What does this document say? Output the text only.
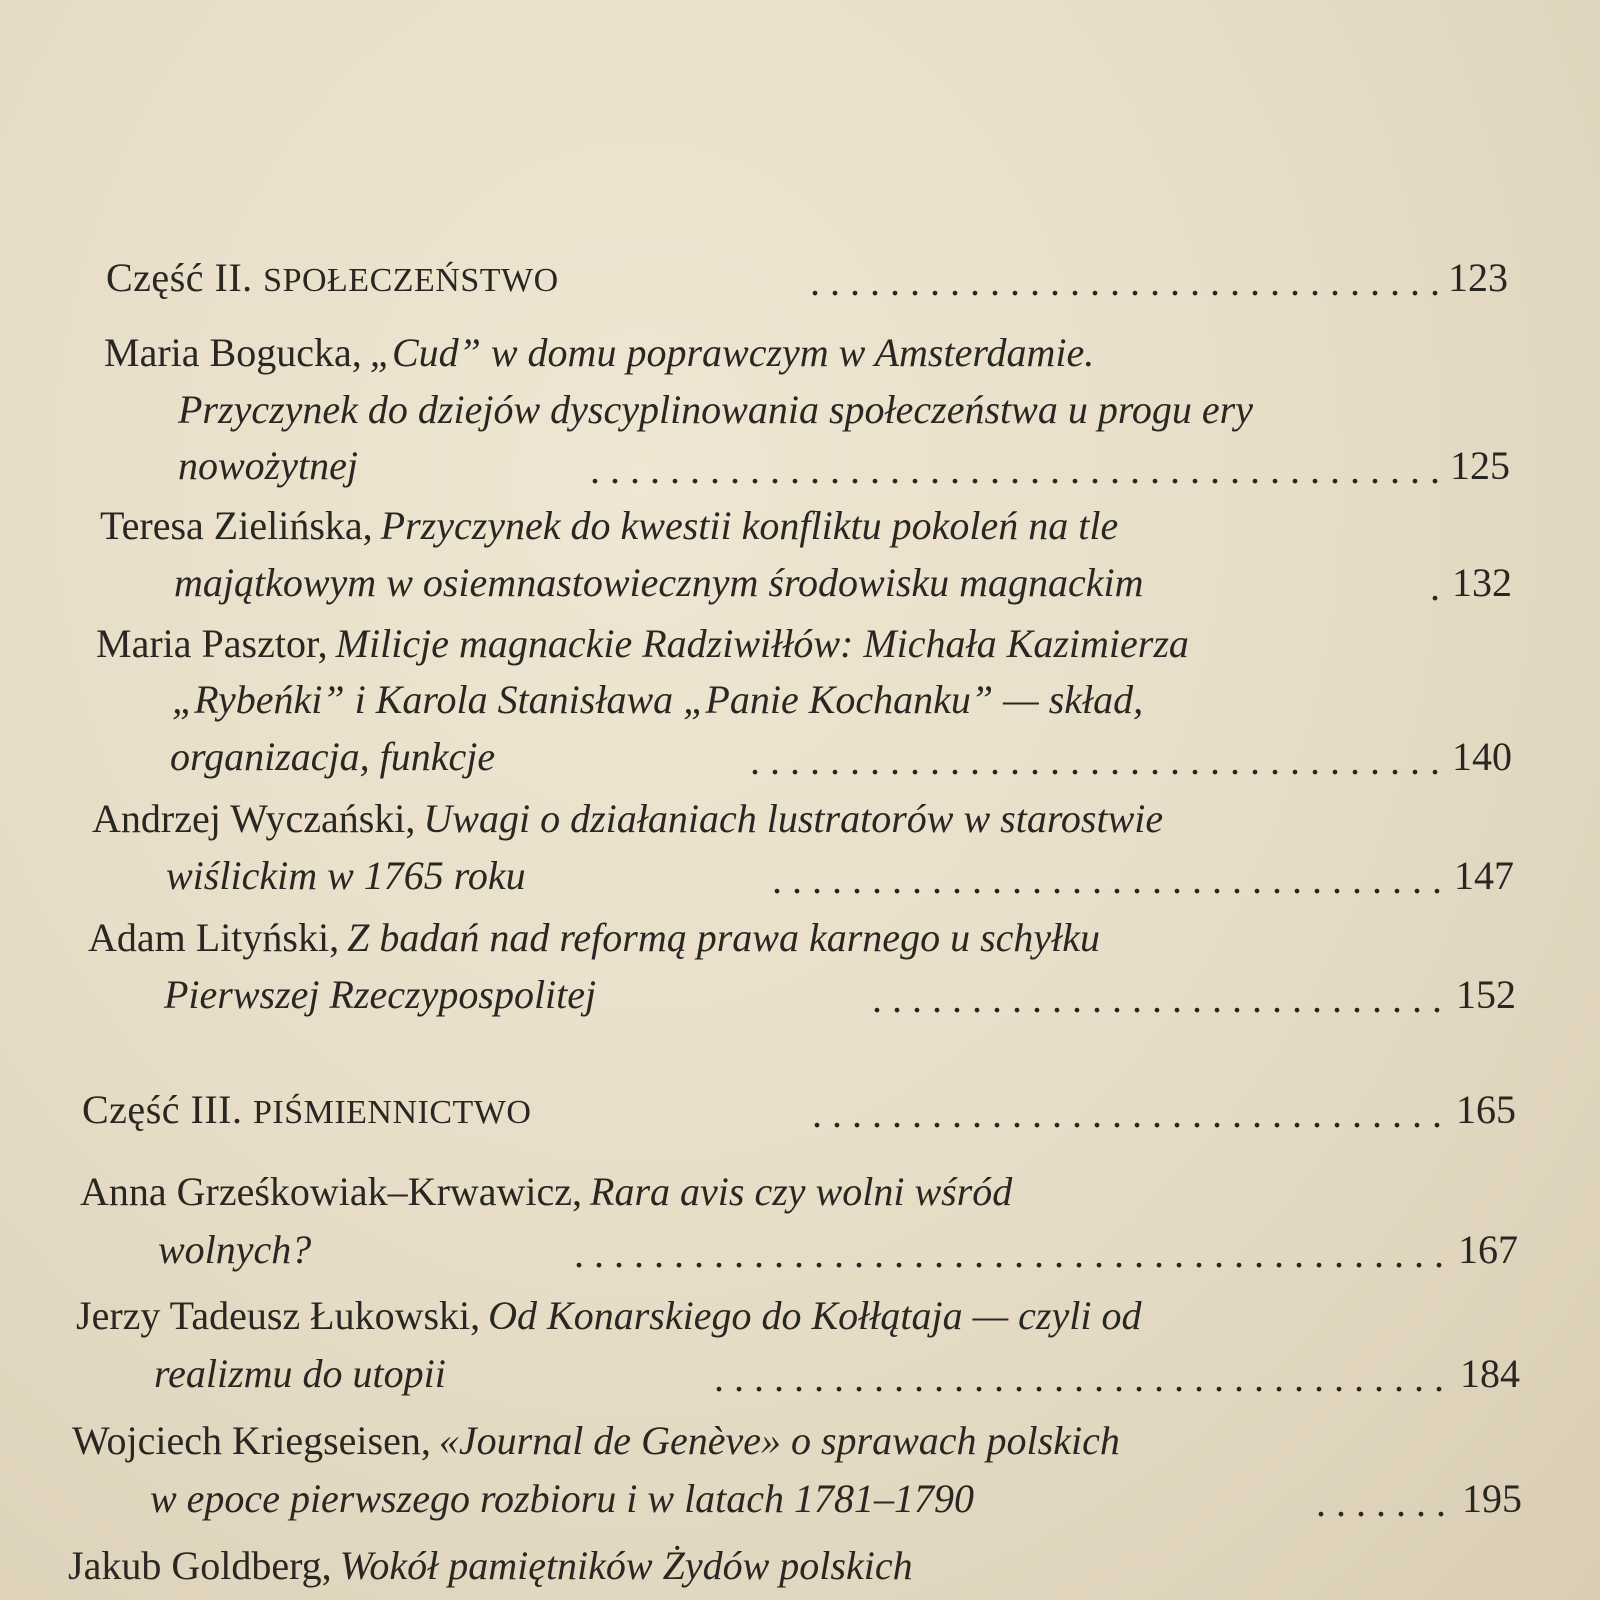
Część II. SPOŁECZEŃSTWO	. . . . . . . . . . . . . . . . . . . . . . . . . . . . . . . . 123
Maria Bogucka, „Cud” w domu poprawczym w Amsterdamie.
Przyczynek do dziejów dyscyplinowania społeczeństwa u progu ery
nowożytnej	. . . . . . . . . . . . . . . . . . . . . . . . . . . . . . . . . . . . . . . . . . . 125
Teresa Zielińska, Przyczynek do kwestii konfliktu pokoleń na tle
majątkowym w osiemnastowiecznym środowisku magnackim	. 132
Maria Pasztor, Milicje magnackie Radziwiłłów: Michała Kazimierza
„Rybeńki” i Karola Stanisława „Panie Kochanku” — skład,
organizacja, funkcje	. . . . . . . . . . . . . . . . . . . . . . . . . . . . . . . . . . . 140
Andrzej Wyczański, Uwagi o działaniach lustratorów w starostwie
wiślickim w 1765 roku	. . . . . . . . . . . . . . . . . . . . . . . . . . . . . . . . . . 147
Adam Lityński, Z badań nad reformą prawa karnego u schyłku
Pierwszej Rzeczypospolitej	. . . . . . . . . . . . . . . . . . . . . . . . . . . . . 152
Część III. PIŚMIENNICTWO	. . . . . . . . . . . . . . . . . . . . . . . . . . . . . . . . 165
Anna Grześkowiak–Krwawicz, Rara avis czy wolni wśród
wolnych?	. . . . . . . . . . . . . . . . . . . . . . . . . . . . . . . . . . . . . . . . . . . . 167
Jerzy Tadeusz Łukowski, Od Konarskiego do Kołłątaja — czyli od
realizmu do utopii	. . . . . . . . . . . . . . . . . . . . . . . . . . . . . . . . . . . . . 184
Wojciech Kriegseisen, «Journal de Genève» o sprawach polskich
w epoce pierwszego rozbioru i w latach 1781–1790	. . . . . . . 195
Jakub Goldberg, Wokół pamiętników Żydów polskich
